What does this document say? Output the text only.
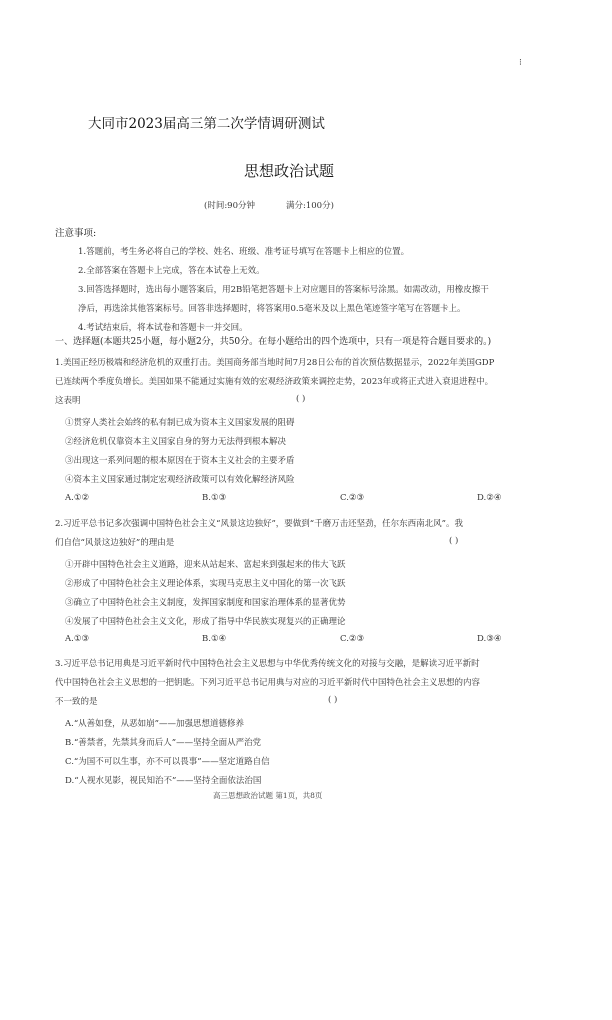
⁝
大同市2023届高三第二次学情调研测试
思想政治试题
(时间:90分钟	满分:100分)
注意事项:
1.答题前，考生务必将自己的学校、姓名、班级、准考证号填写在答题卡上相应的位置。
2.全部答案在答题卡上完成，答在本试卷上无效。
3.回答选择题时，选出每小题答案后，用2B铅笔把答题卡上对应题目的答案标号涂黑。如需改动，用橡皮擦干
净后，再选涂其他答案标号。回答非选择题时，将答案用0.5毫米及以上黑色笔迹签字笔写在答题卡上。
4.考试结束后，将本试卷和答题卡一并交回。
一、选择题(本题共25小题，每小题2分，共50分。在每小题给出的四个选项中，只有一项是符合题目要求的。)
1.美国正经历极端和经济危机的双重打击。美国商务部当地时间7月28日公布的首次预估数据显示，2022年美国GDP
已连续两个季度负增长。美国如果不能通过实施有效的宏观经济政策来调控走势，2023年或将正式进入衰退进程中。
这表明	( )
①贯穿人类社会始终的私有制已成为资本主义国家发展的阻碍
②经济危机仅靠资本主义国家自身的努力无法得到根本解决
③出现这一系列问题的根本原因在于资本主义社会的主要矛盾
④资本主义国家通过制定宏观经济政策可以有效化解经济风险
A.①②	B.①③	C.②③	D.②④
2.习近平总书记多次强调中国特色社会主义“风景这边独好”，要做到“千磨万击还坚劲，任尔东西南北风”。我
们自信“风景这边独好”的理由是	( )
①开辟中国特色社会主义道路，迎来从站起来、富起来到强起来的伟大飞跃
②形成了中国特色社会主义理论体系，实现马克思主义中国化的第一次飞跃
③确立了中国特色社会主义制度，发挥国家制度和国家治理体系的显著优势
④发展了中国特色社会主义文化，形成了指导中华民族实现复兴的正确理论
A.①③	B.①④	C.②③	D.③④
3.习近平总书记用典是习近平新时代中国特色社会主义思想与中华优秀传统文化的对接与交融，是解读习近平新时
代中国特色社会主义思想的一把钥匙。下列习近平总书记用典与对应的习近平新时代中国特色社会主义思想的内容
不一致的是	( )
A.“从善如登，从恶如崩”——加强思想道德修养
B.“善禁者，先禁其身而后人”——坚持全面从严治党
C.“为国不可以生事，亦不可以畏事”——坚定道路自信
D.“人视水见影，视民知治不”——坚持全面依法治国
高三思想政治试题 第1页，共8页
